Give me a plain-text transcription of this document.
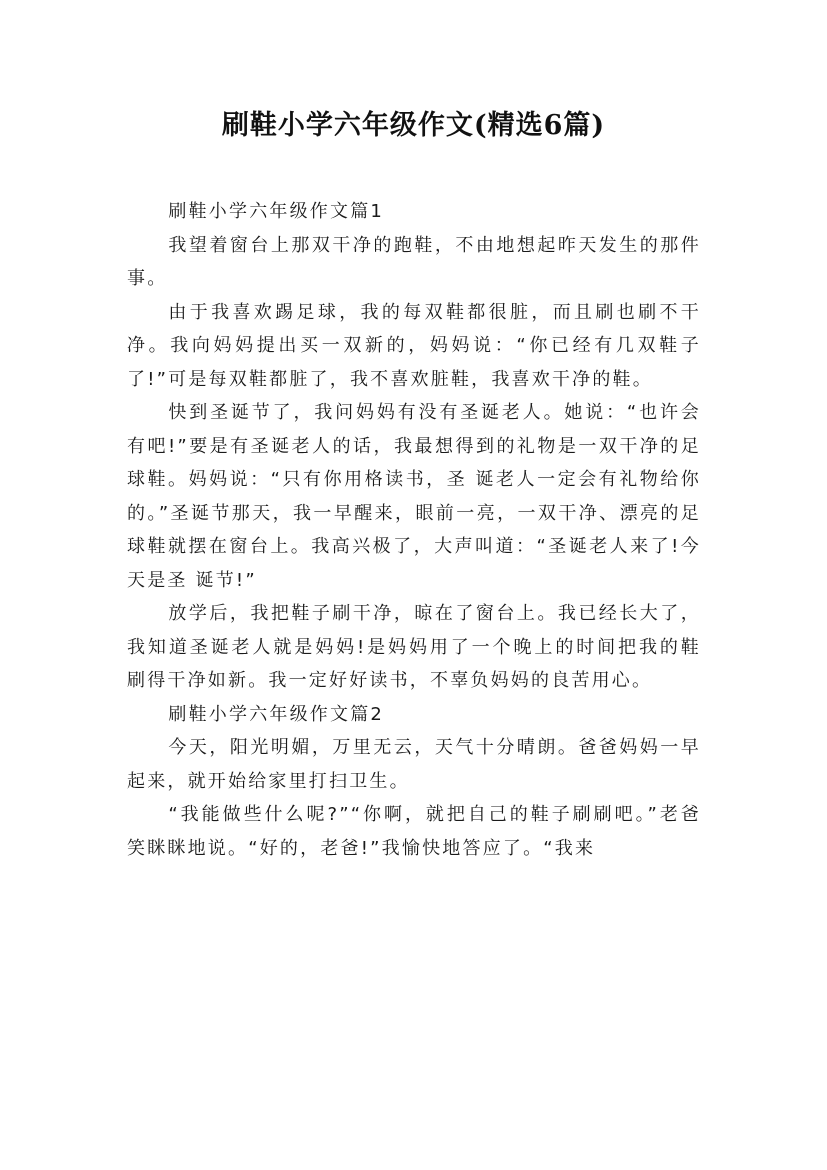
刷鞋小学六年级作文(精选6篇)

刷鞋小学六年级作文篇1

我望着窗台上那双干净的跑鞋，不由地想起昨天发生的那件事。

由于我喜欢踢足球，我的每双鞋都很脏，而且刷也刷不干净。我向妈妈提出买一双新的，妈妈说：“你已经有几双鞋子了!”可是每双鞋都脏了，我不喜欢脏鞋，我喜欢干净的鞋。

快到圣诞节了，我问妈妈有没有圣诞老人。她说：“也许会有吧!”要是有圣诞老人的话，我最想得到的礼物是一双干净的足球鞋。妈妈说：“只有你用格读书，圣 诞老人一定会有礼物给你的。”圣诞节那天，我一早醒来，眼前一亮，一双干净、漂亮的足球鞋就摆在窗台上。我高兴极了，大声叫道：“圣诞老人来了!今天是圣 诞节!”

放学后，我把鞋子刷干净，晾在了窗台上。我已经长大了，我知道圣诞老人就是妈妈!是妈妈用了一个晚上的时间把我的鞋刷得干净如新。我一定好好读书，不辜负妈妈的良苦用心。

刷鞋小学六年级作文篇2

今天，阳光明媚，万里无云，天气十分晴朗。爸爸妈妈一早起来，就开始给家里打扫卫生。

“我能做些什么呢?”“你啊，就把自己的鞋子刷刷吧。”老爸笑眯眯地说。“好的，老爸!”我愉快地答应了。“我来
